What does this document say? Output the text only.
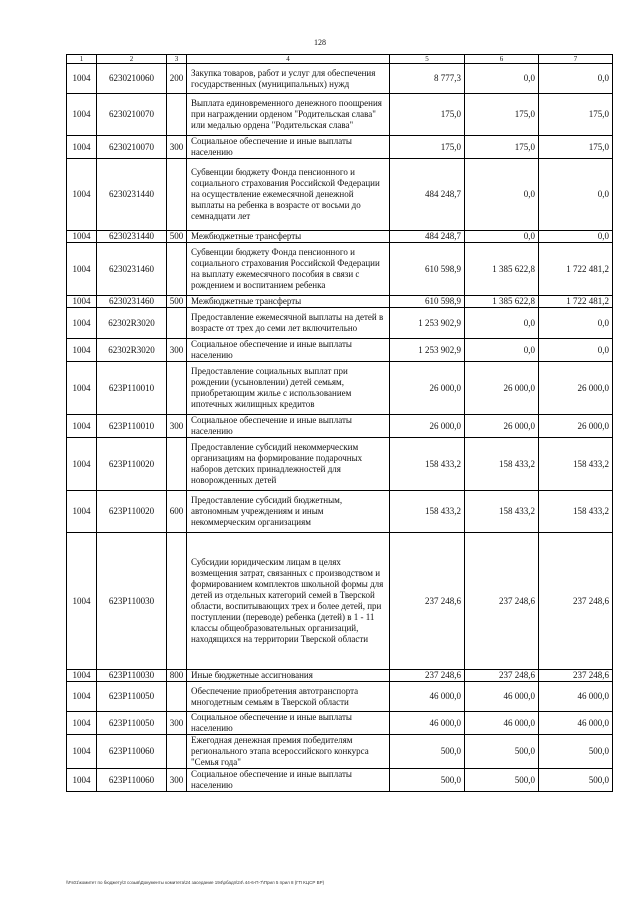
128
1	2	3	4	5	6	7
1004	6230210060	200	Закупка товаров, работ и услуг для обеспечения государственных (муниципальных) нужд	8 777,3	0,0	0,0
1004	6230210070		Выплата единовременного денежного поощрения при награждении орденом "Родительская слава" или медалью ордена "Родительская слава"	175,0	175,0	175,0
1004	6230210070	300	Социальное обеспечение и иные выплаты населению	175,0	175,0	175,0
1004	6230231440		Субвенции бюджету Фонда пенсионного и социального страхования Российской Федерации на осуществление ежемесячной денежной выплаты на ребенка в возрасте от восьми до семнадцати лет	484 248,7	0,0	0,0
1004	6230231440	500	Межбюджетные трансферты	484 248,7	0,0	0,0
1004	6230231460		Субвенции бюджету Фонда пенсионного и социального страхования Российской Федерации на выплату ежемесячного пособия в связи с рождением и воспитанием ребенка	610 598,9	1 385 622,8	1 722 481,2
1004	6230231460	500	Межбюджетные трансферты	610 598,9	1 385 622,8	1 722 481,2
1004	62302R3020		Предоставление ежемесячной выплаты на детей в возрасте от трех до семи лет включительно	1 253 902,9	0,0	0,0
1004	62302R3020	300	Социальное обеспечение и иные выплаты населению	1 253 902,9	0,0	0,0
1004	623P110010		Предоставление социальных выплат при рождении (усыновлении) детей семьям, приобретающим жилье с использованием ипотечных жилищных кредитов	26 000,0	26 000,0	26 000,0
1004	623P110010	300	Социальное обеспечение и иные выплаты населению	26 000,0	26 000,0	26 000,0
1004	623P110020		Предоставление субсидий некоммерческим организациям на формирование подарочных наборов детских принадлежностей для новорожденных детей	158 433,2	158 433,2	158 433,2
1004	623P110020	600	Предоставление субсидий бюджетным, автономным учреждениям и иным некоммерческим организациям	158 433,2	158 433,2	158 433,2
1004	623P110030		Субсидии юридическим лицам в целях возмещения затрат, связанных с производством и формированием комплектов школьной формы для детей из отдельных категорий семей в Тверской области, воспитывающих трех и более детей, при поступлении (переводе) ребенка (детей) в 1 - 11 классы общеобразовательных организаций, находящихся на территории Тверской области	237 248,6	237 248,6	237 248,6
1004	623P110030	800	Иные бюджетные ассигнования	237 248,6	237 248,6	237 248,6
1004	623P110050		Обеспечение приобретения автотранспорта многодетным семьям в Тверской области	46 000,0	46 000,0	46 000,0
1004	623P110050	300	Социальное обеспечение и иные выплаты населению	46 000,0	46 000,0	46 000,0
1004	623P110060		Ежегодная денежная премия победителям регионального этапа всероссийского конкурса "Семья года"	500,0	500,0	500,0
1004	623P110060	300	Социальное обеспечение и иные выплаты населению	500,0	500,0	500,0
\\Fs01\комитет по бюджету\3 созыв\Документы комитета\24 заседание 194\рбадп\24\ 44-6-П-7\Прил 5 прил 8 (ГП КЦСР ВР)
